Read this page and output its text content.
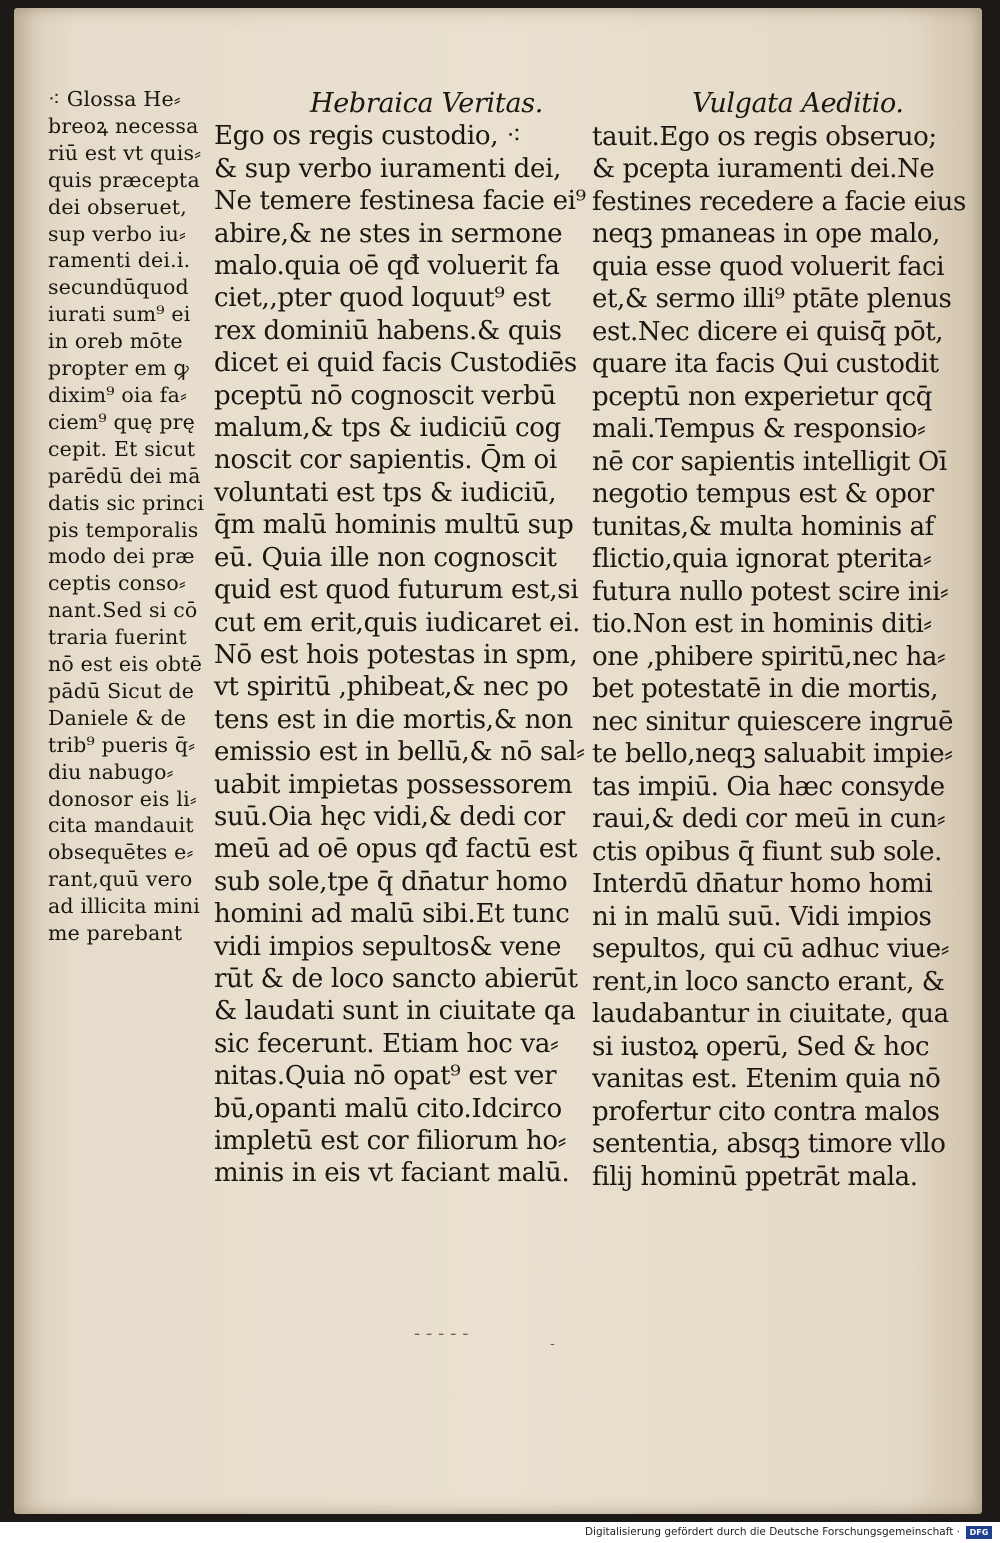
⁖ Glossa He⸗
breoꝝ necessa
riū est vt quis⸗
quis præcepta
dei obseruet,
sup verbo iu⸗
ramenti dei.i.
secundūquod
iurati sum⁹ ei
in oreb mōte
propter em ꝙ
dixim⁹ oia fa⸗
ciem⁹ quę prę
cepit. Et sicut
parēdū dei mā
datis sic princi
pis temporalis
modo dei præ
ceptis conso⸗
nant.Sed si cō
traria fuerint
nō est eis obtē
pādū Sicut de
Daniele & de
trib⁹ pueris q̄⸗
diu nabugo⸗
donosor eis li⸗
cita mandauit
obsequētes e⸗
rant,quū vero
ad illicita mini
me parebant
Hebraica Veritas.
Ego os regis custodio, ⁖
& sup verbo iuramenti dei,
Ne temere festinesa facie ei⁹
abire,& ne stes in sermone
malo.quia oē qđ voluerit fa
ciet,,pter quod loquut⁹ est
rex dominiū habens.& quis
dicet ei quid facis Custodiēs
pceptū nō cognoscit verbū
malum,& tps & iudiciū cog
noscit cor sapientis. Q̄m oi
voluntati est tps & iudiciū,
q̄m malū hominis multū sup
eū. Quia ille non cognoscit
quid est quod futurum est,si
cut em erit,quis iudicaret ei.
Nō est hois potestas in spm,
vt spiritū ,phibeat,& nec po
tens est in die mortis,& non
emissio est in bellū,& nō sal⸗
uabit impietas possessorem
suū.Oia hęc vidi,& dedi cor
meū ad oē opus qđ factū est
sub sole,tpe q̄ dn̄atur homo
homini ad malū sibi.Et tunc
vidi impios sepultos& vene
rūt & de loco sancto abierūt
& laudati sunt in ciuitate qa
sic fecerunt. Etiam hoc va⸗
nitas.Quia nō opat⁹ est ver
bū,opanti malū cito.Idcirco
impletū est cor filiorum ho⸗
minis in eis vt faciant malū.
Vulgata Aeditio.
tauit.Ego os regis obseruo;
& pcepta iuramenti dei.Ne
festines recedere a facie eius
neqꝫ pmaneas in ope malo,
quia esse quod voluerit faci
et,& sermo illi⁹ ptāte plenus
est.Nec dicere ei quisq̄ pōt,
quare ita facis Qui custodit
pceptū non experietur qcq̄
mali.Tempus & responsio⸗
nē cor sapientis intelligit Oī
negotio tempus est & opor
tunitas,& multa hominis af
flictio,quia ignorat pterita⸗
futura nullo potest scire ini⸗
tio.Non est in hominis diti⸗
one ,phibere spiritū,nec ha⸗
bet potestatē in die mortis,
nec sinitur quiescere ingruē
te bello,neqꝫ saluabit impie⸗
tas impiū. Oia hæc consyde
raui,& dedi cor meū in cun⸗
ctis opibus q̄ fiunt sub sole.
Interdū dn̄atur homo homi
ni in malū suū. Vidi impios
sepultos, qui cū adhuc viue⸗
rent,in loco sancto erant, &
laudabantur in ciuitate, qua
si iustoꝝ operū, Sed & hoc
vanitas est. Etenim quia nō
profertur cito contra malos
sententia, absqꝫ timore vllo
filij hominū ppetrāt mala.
-----	-
Digitalisierung gefördert durch die Deutsche Forschungsgemeinschaft ·	DFG
